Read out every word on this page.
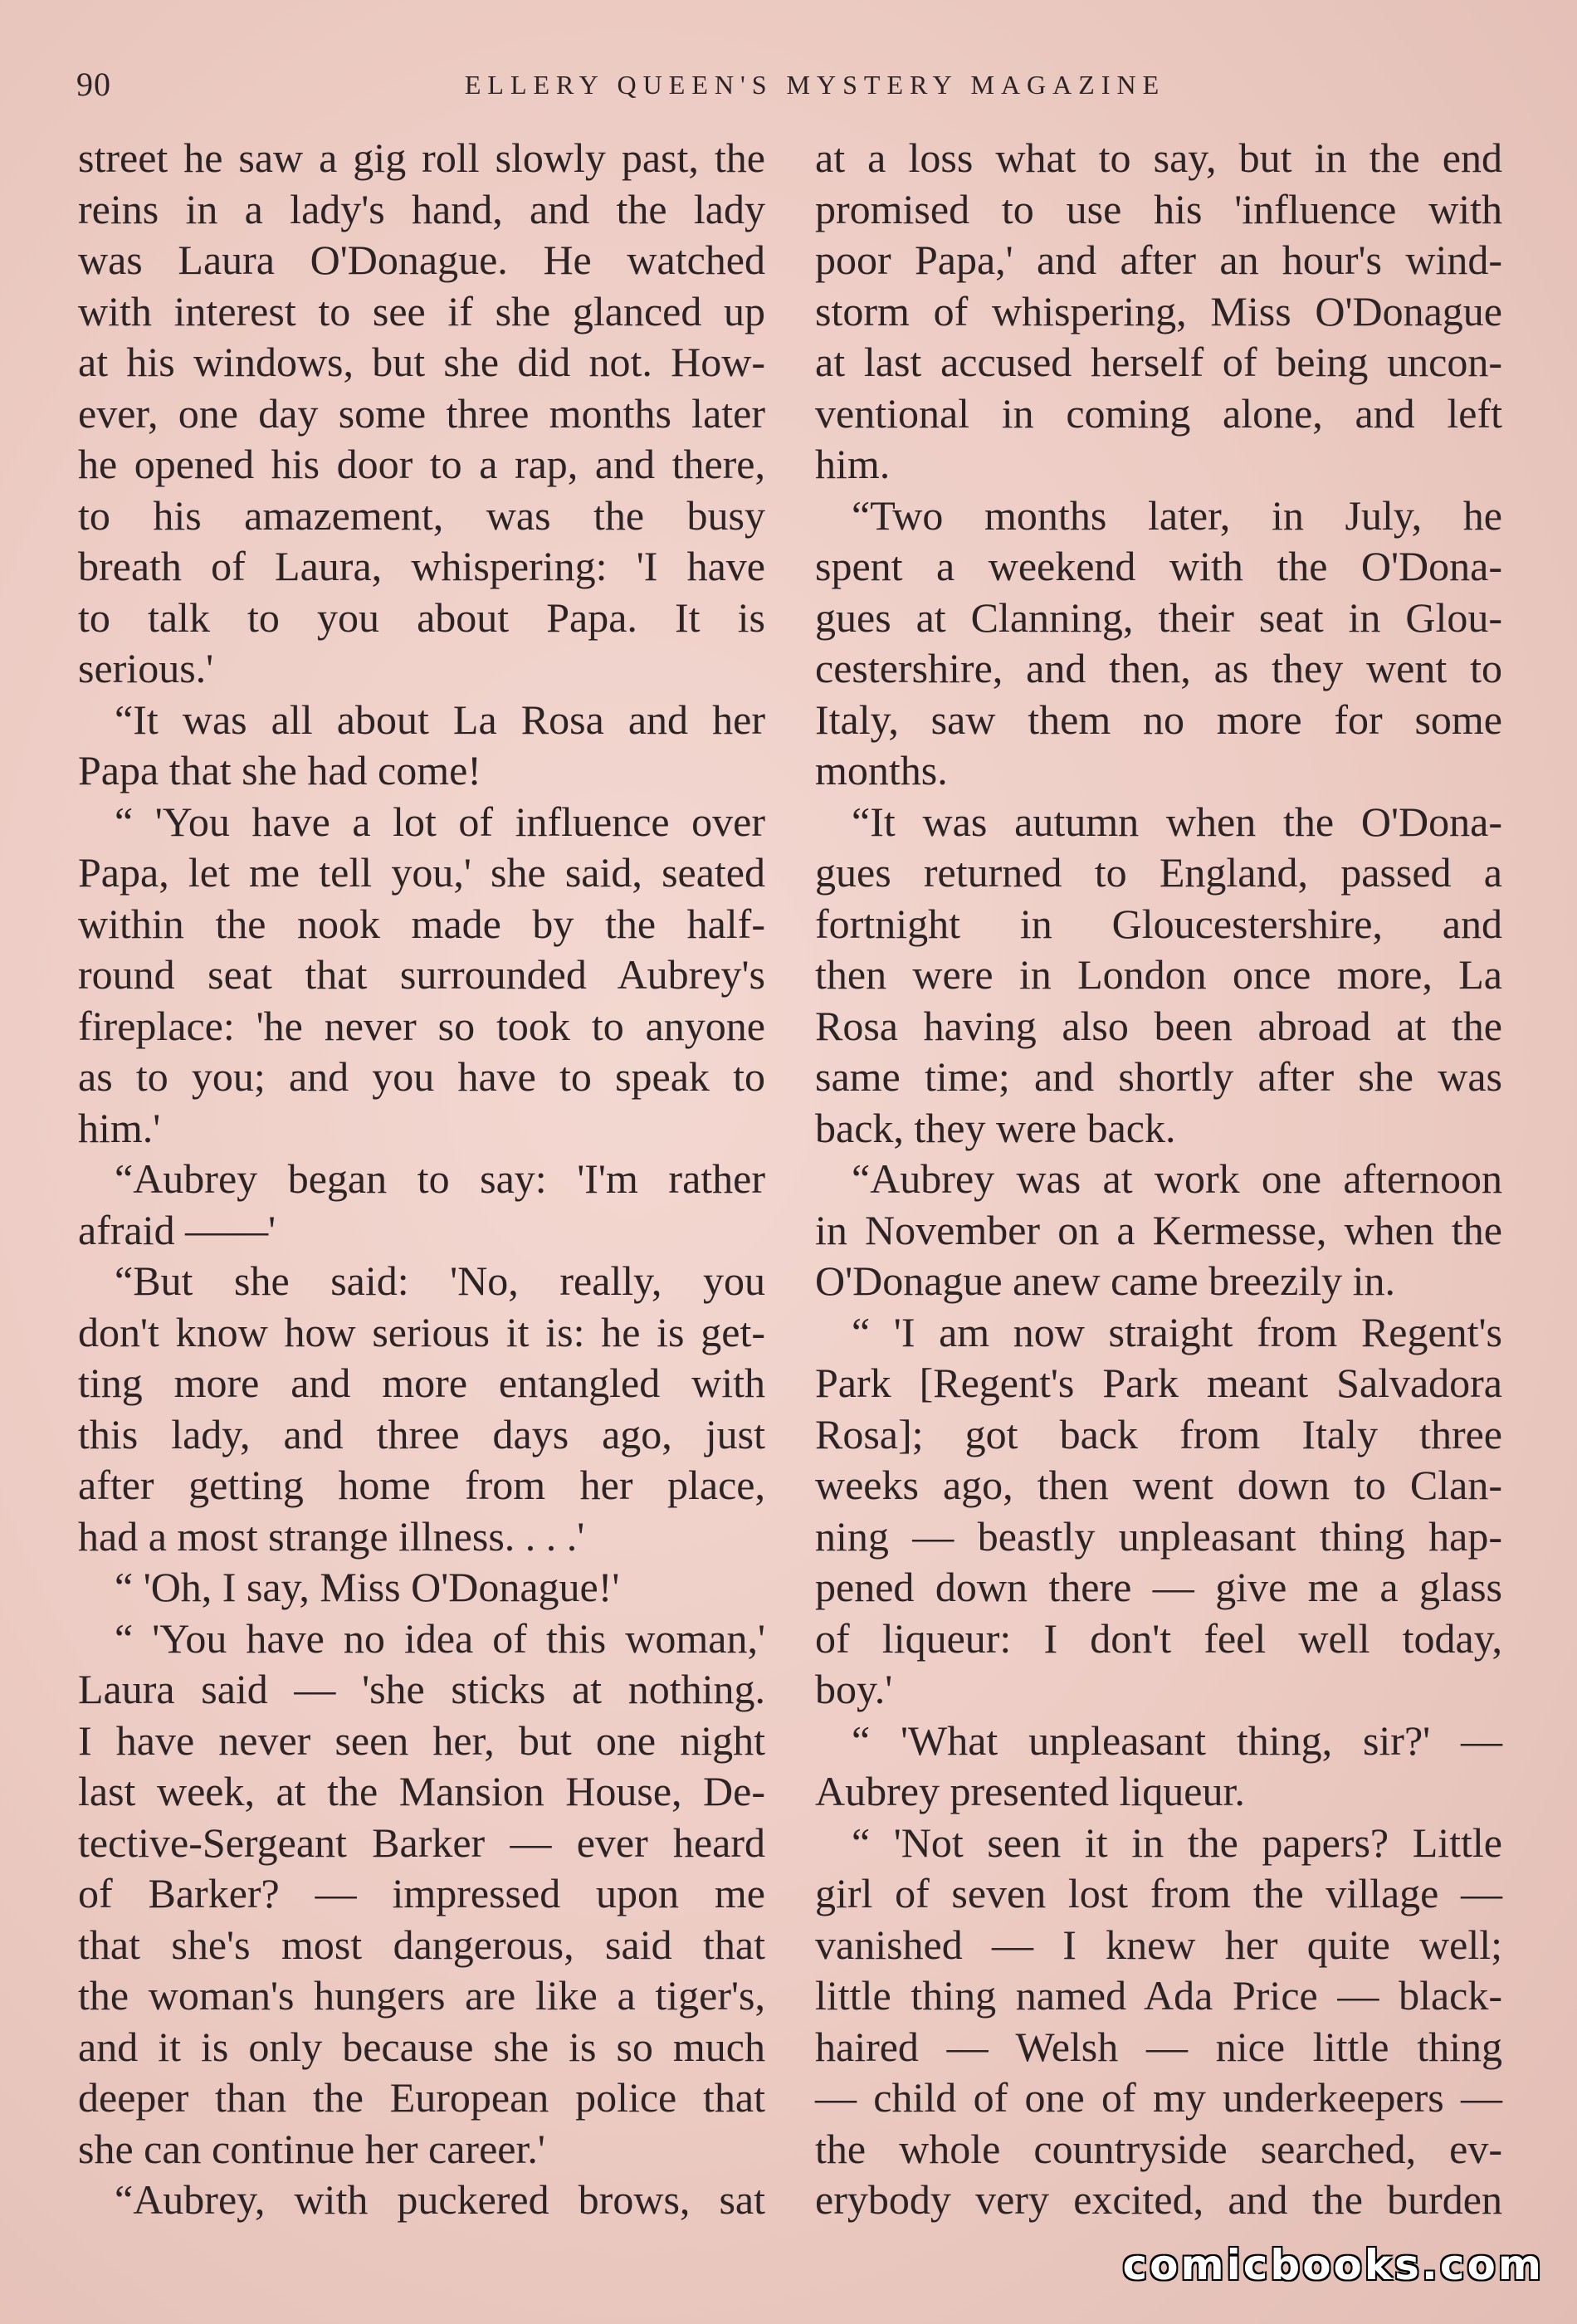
90	ELLERY QUEEN'S MYSTERY MAGAZINE
street he saw a gig roll slowly past, the
reins in a lady's hand, and the lady
was Laura O'Donague. He watched
with interest to see if she glanced up
at his windows, but she did not. How-
ever, one day some three months later
he opened his door to a rap, and there,
to his amazement, was the busy
breath of Laura, whispering: 'I have
to talk to you about Papa. It is
serious.'
“It was all about La Rosa and her
Papa that she had come!
“ 'You have a lot of influence over
Papa, let me tell you,' she said, seated
within the nook made by the half-
round seat that surrounded Aubrey's
fireplace: 'he never so took to anyone
as to you; and you have to speak to
him.'
“Aubrey began to say: 'I'm rather
afraid ——'
“But she said: 'No, really, you
don't know how serious it is: he is get-
ting more and more entangled with
this lady, and three days ago, just
after getting home from her place,
had a most strange illness. . . .'
“ 'Oh, I say, Miss O'Donague!'
“ 'You have no idea of this woman,'
Laura said — 'she sticks at nothing.
I have never seen her, but one night
last week, at the Mansion House, De-
tective-Sergeant Barker — ever heard
of Barker? — impressed upon me
that she's most dangerous, said that
the woman's hungers are like a tiger's,
and it is only because she is so much
deeper than the European police that
she can continue her career.'
“Aubrey, with puckered brows, sat
at a loss what to say, but in the end
promised to use his 'influence with
poor Papa,' and after an hour's wind-
storm of whispering, Miss O'Donague
at last accused herself of being uncon-
ventional in coming alone, and left
him.
“Two months later, in July, he
spent a weekend with the O'Dona-
gues at Clanning, their seat in Glou-
cestershire, and then, as they went to
Italy, saw them no more for some
months.
“It was autumn when the O'Dona-
gues returned to England, passed a
fortnight in Gloucestershire, and
then were in London once more, La
Rosa having also been abroad at the
same time; and shortly after she was
back, they were back.
“Aubrey was at work one afternoon
in November on a Kermesse, when the
O'Donague anew came breezily in.
“ 'I am now straight from Regent's
Park [Regent's Park meant Salvadora
Rosa]; got back from Italy three
weeks ago, then went down to Clan-
ning — beastly unpleasant thing hap-
pened down there — give me a glass
of liqueur: I don't feel well today,
boy.'
“ 'What unpleasant thing, sir?' —
Aubrey presented liqueur.
“ 'Not seen it in the papers? Little
girl of seven lost from the village —
vanished — I knew her quite well;
little thing named Ada Price — black-
haired — Welsh — nice little thing
— child of one of my underkeepers —
the whole countryside searched, ev-
erybody very excited, and the burden
comicbooks.com
